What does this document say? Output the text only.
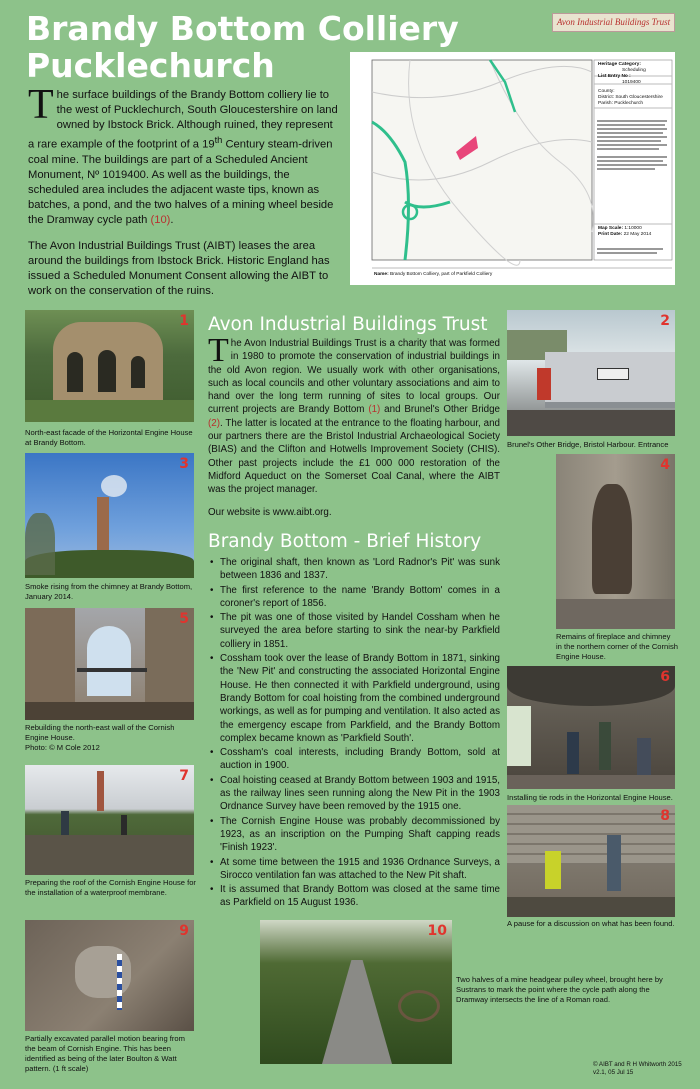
Brandy Bottom Colliery
Pucklechurch
Avon Industrial Buildings Trust

The surface buildings of the Brandy Bottom colliery lie to the west of Pucklechurch, South Gloucestershire on land owned by Ibstock Brick. Although ruined, they represent a rare example of the footprint of a 19th Century steam-driven coal mine. The buildings are part of a Scheduled Ancient Monument, Nº 1019400. As well as the buildings, the scheduled area includes the adjacent waste tips, known as batches, a pond, and the two halves of a mining wheel beside the Dramway cycle path (10).

The Avon Industrial Buildings Trust (AIBT) leases the area around the buildings from Ibstock Brick. Historic England has issued a Scheduled Monument Consent allowing the AIBT to work on the conservation of the ruins.

Heritage Category:
Scheduling
List Entry No :
1019400
County:
District: South Gloucestershire
Parish: Pucklechurch
Map Scale: 1:10000
Print Date: 22 May 2014
Name: Brandy Bottom Colliery, part of Parkfield Colliery
1
North-east facade of the Horizontal Engine House at Brandy Bottom.
2
Brunel's Other Bridge, Bristol Harbour. Entrance
3
Smoke rising from the chimney at Brandy Bottom, January 2014.
4
Remains of fireplace and chimney in the northern corner of the Cornish Engine House.
5
Rebuilding the north-east wall of the Cornish Engine House.
Photo: © M Cole 2012
6
Installing tie rods in the Horizontal Engine House.
7
Preparing the roof of the Cornish Engine House for the installation of a waterproof membrane.
8
A pause for a discussion on what has been found.
9
Partially excavated parallel motion bearing from the beam of Cornish Engine. This has been identified as being of the later Boulton & Watt pattern. (1 ft scale)
10
Two halves of a mine headgear pulley wheel, brought here by Sustrans to mark the point where the cycle path along the Dramway intersects the line of a Roman road.
Avon Industrial Buildings Trust

The Avon Industrial Buildings Trust is a charity that was formed in 1980 to promote the conservation of industrial buildings in the old Avon region. We usually work with other organisations, such as local councils and other voluntary associations and aim to hand over the long term running of sites to local groups. Our current projects are Brandy Bottom (1) and Brunel's Other Bridge (2). The latter is located at the entrance to the floating harbour, and our partners there are the Bristol Industrial Archaeological Society (BIAS) and the Clifton and Hotwells Improvement Society (CHIS). Other past projects include the £1 000 000 restoration of the Midford Aqueduct on the Somerset Coal Canal, where the AIBT was the project manager.

Our website is www.aibt.org.

Brandy Bottom - Brief History
• The original shaft, then known as 'Lord Radnor's Pit' was sunk between 1836 and 1837.
• The first reference to the name 'Brandy Bottom' comes in a coroner's report of 1856.
• The pit was one of those visited by Handel Cossham when he surveyed the area before starting to sink the near-by Parkfield colliery in 1851.
• Cossham took over the lease of Brandy Bottom in 1871, sinking the 'New Pit' and constructing the associated Horizontal Engine House. He then connected it with Parkfield underground, using Brandy Bottom for coal hoisting from the combined underground workings, as well as for pumping and ventilation. It also acted as the emergency escape from Parkfield, and the Brandy Bottom complex became known as 'Parkfield South'.
• Cossham's coal interests, including Brandy Bottom, sold at auction in 1900.
• Coal hoisting ceased at Brandy Bottom between 1903 and 1915, as the railway lines seen running along the New Pit in the 1903 Ordnance Survey have been removed by the 1915 one.
• The Cornish Engine House was probably decommissioned by 1923, as an inscription on the Pumping Shaft capping reads 'Finish 1923'.
• At some time between the 1915 and 1936 Ordnance Surveys, a Sirocco ventilation fan was attached to the New Pit shaft.
• It is assumed that Brandy Bottom was closed at the same time as Parkfield on 15 August 1936.
© AIBT and R H Whitworth 2015
v2.1, 05 Jul 15
